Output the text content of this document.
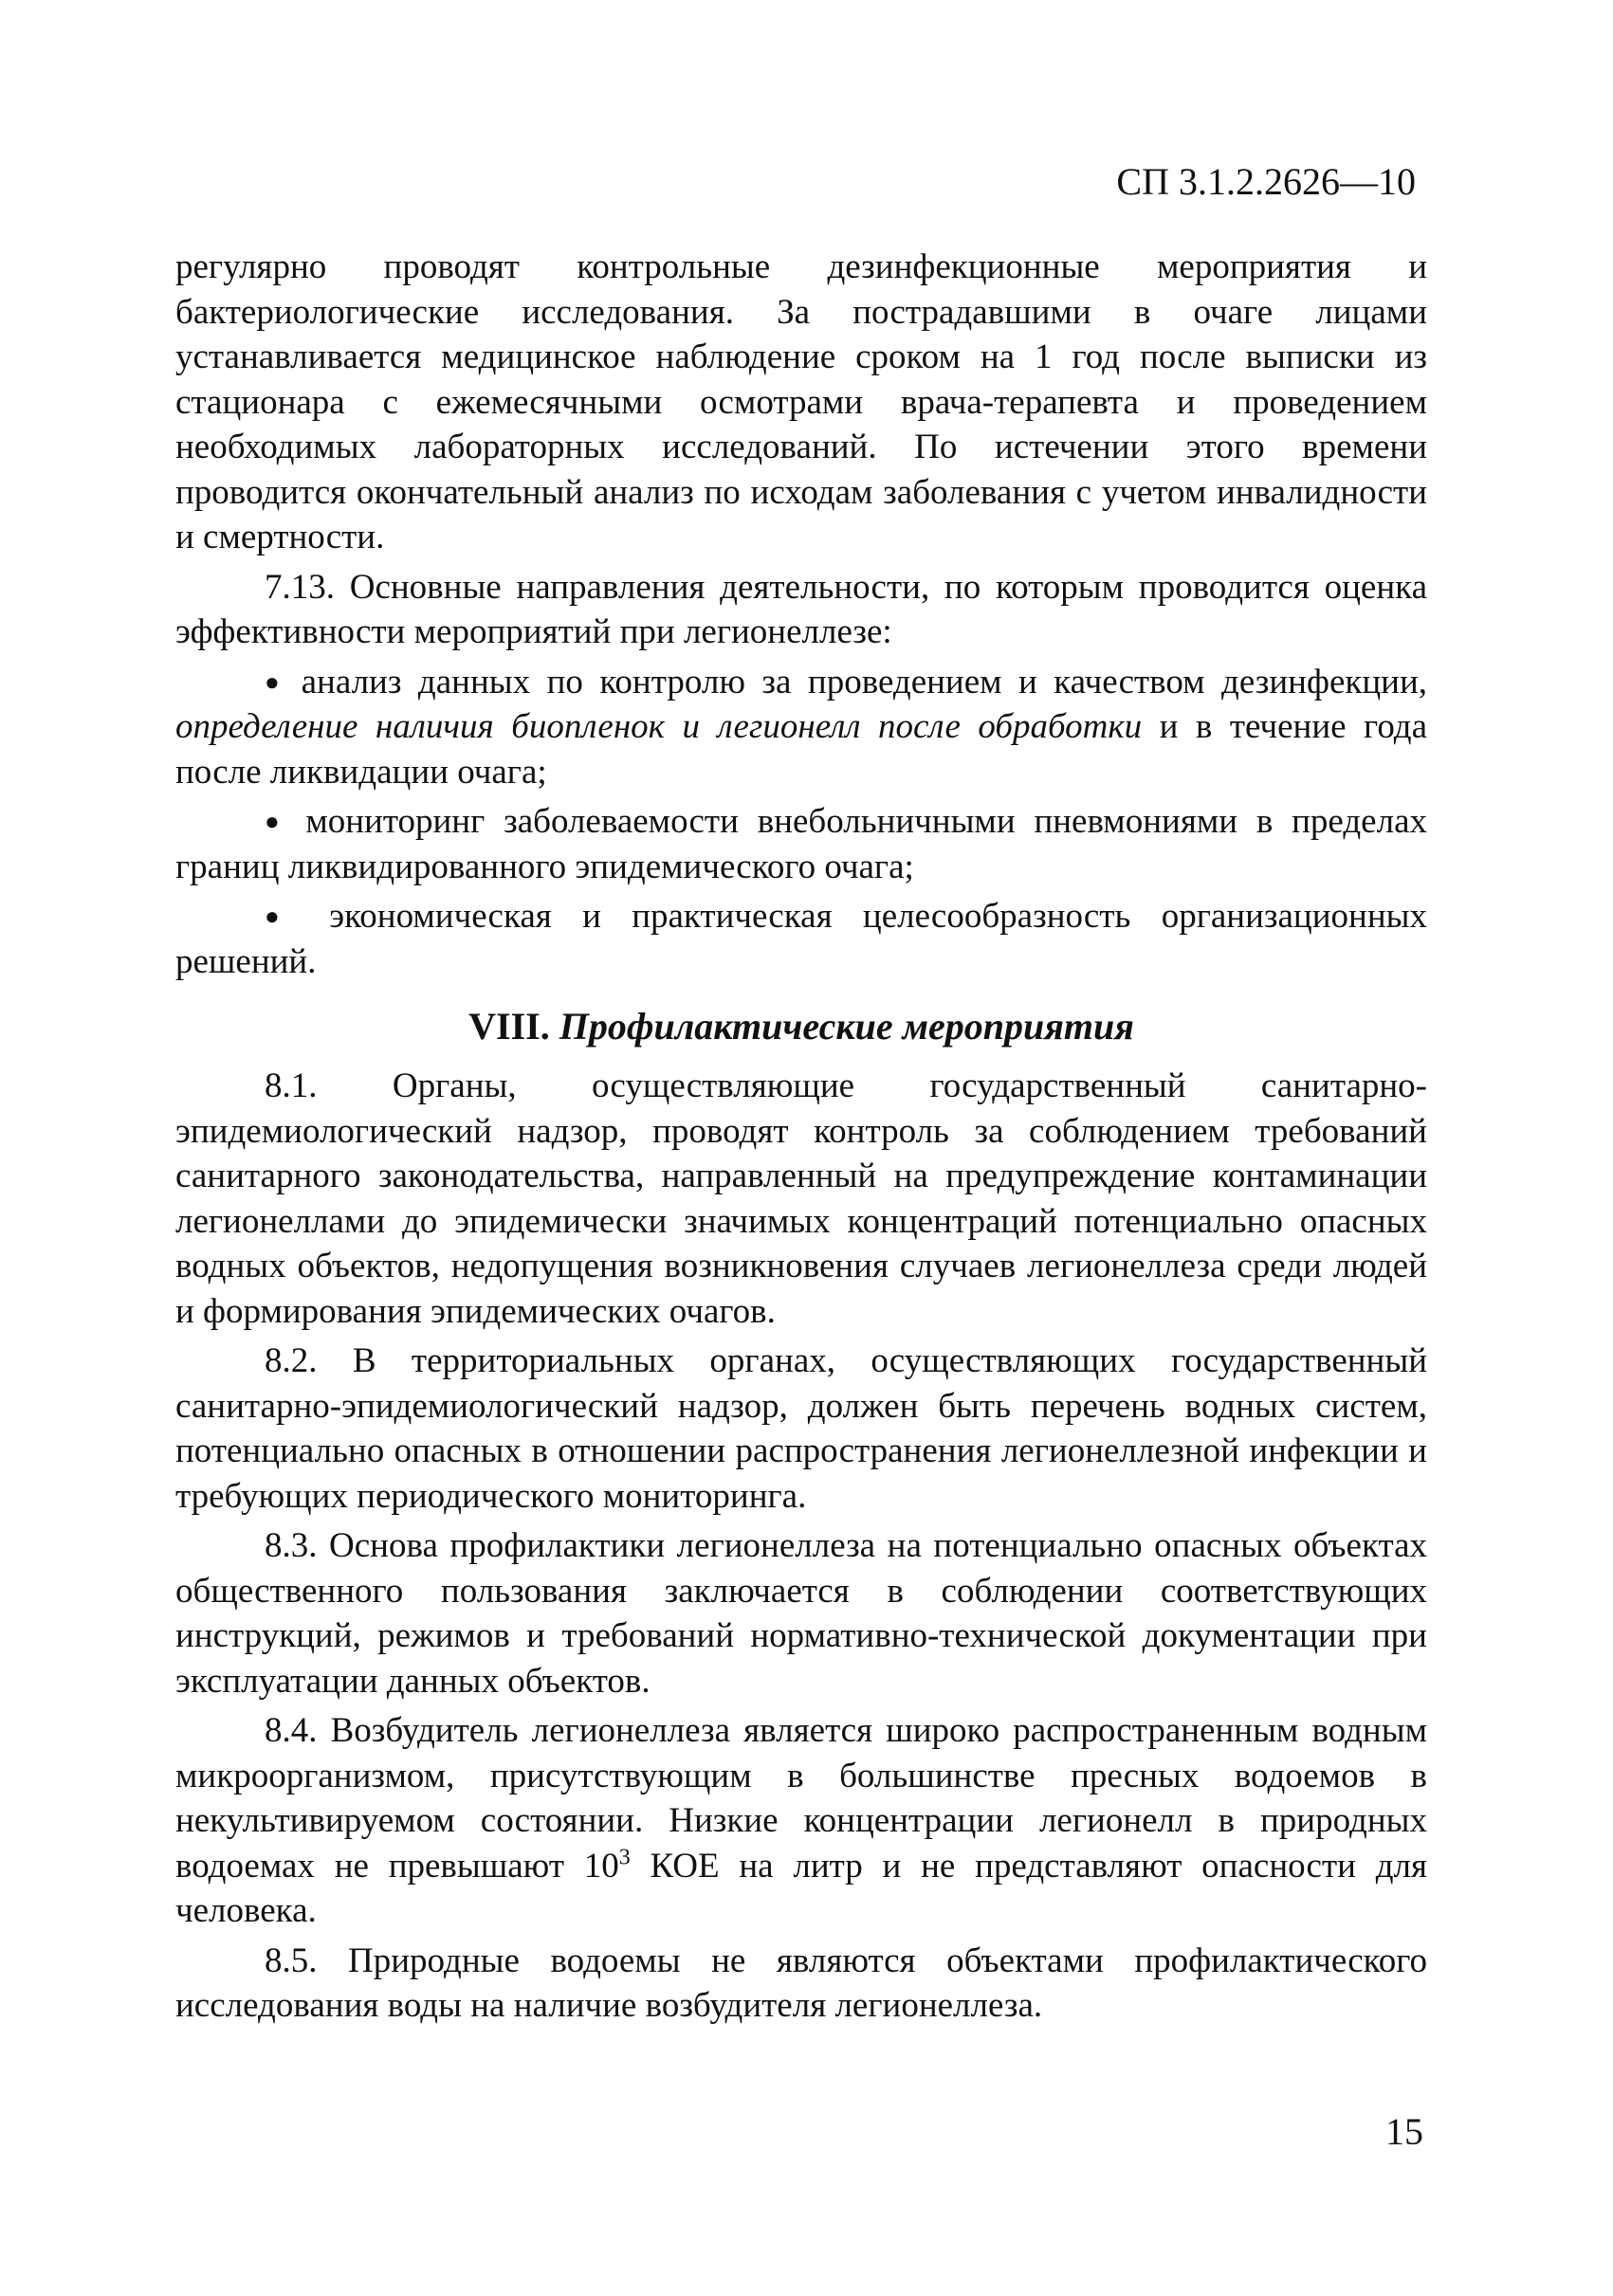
СП 3.1.2.2626—10

регулярно проводят контрольные дезинфекционные мероприятия и бактериологические исследования. За пострадавшими в очаге лицами устанавливается медицинское наблюдение сроком на 1 год после выписки из стационара с ежемесячными осмотрами врача-терапевта и проведением необходимых лабораторных исследований. По истечении этого времени проводится окончательный анализ по исходам заболевания с учетом инвалидности и смертности.

7.13. Основные направления деятельности, по которым проводится оценка эффективности мероприятий при легионеллезе:

● анализ данных по контролю за проведением и качеством дезинфекции, определение наличия биопленок и легионелл после обработки и в течение года после ликвидации очага;

● мониторинг заболеваемости внебольничными пневмониями в пределах границ ликвидированного эпидемического очага;

● экономическая и практическая целесообразность организационных решений.

VIII. Профилактические мероприятия

8.1. Органы, осуществляющие государственный санитарно-эпидемиологический надзор, проводят контроль за соблюдением требований санитарного законодательства, направленный на предупреждение контаминации легионеллами до эпидемически значимых концентраций потенциально опасных водных объектов, недопущения возникновения случаев легионеллеза среди людей и формирования эпидемических очагов.

8.2. В территориальных органах, осуществляющих государственный санитарно-эпидемиологический надзор, должен быть перечень водных систем, потенциально опасных в отношении распространения легионеллезной инфекции и требующих периодического мониторинга.

8.3. Основа профилактики легионеллеза на потенциально опасных объектах общественного пользования заключается в соблюдении соответствующих инструкций, режимов и требований нормативно-технической документации при эксплуатации данных объектов.

8.4. Возбудитель легионеллеза является широко распространенным водным микроорганизмом, присутствующим в большинстве пресных водоемов в некультивируемом состоянии. Низкие концентрации легионелл в природных водоемах не превышают $10^3$ КОЕ на литр и не представляют опасности для человека.

8.5. Природные водоемы не являются объектами профилактического исследования воды на наличие возбудителя легионеллеза.

15
